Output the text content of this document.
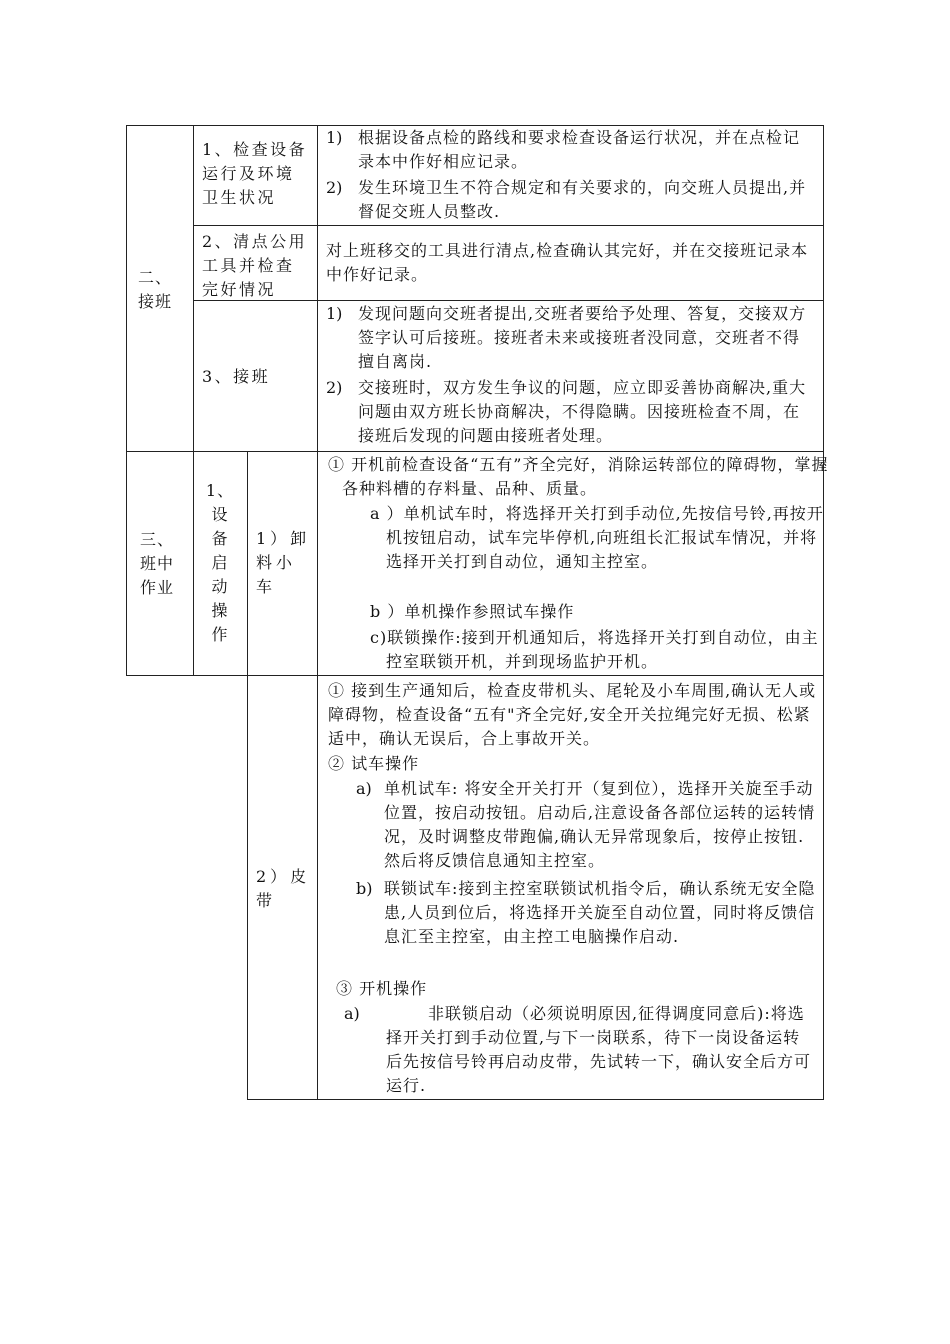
二、
接班
1、检查设备运行及环境卫生状况
1) 根据设备点检的路线和要求检查设备运行状况，并在点检记录本中作好相应记录。
2) 发生环境卫生不符合规定和有关要求的，向交班人员提出,并督促交班人员整改.
2、清点公用工具并检查完好情况
对上班移交的工具进行清点,检查确认其完好，并在交接班记录本中作好记录。
3、接班
1) 发现问题向交班者提出,交班者要给予处理、答复，交接双方签字认可后接班。接班者未来或接班者没同意，交班者不得擅自离岗.
2) 交接班时，双方发生争议的问题，应立即妥善协商解决,重大问题由双方班长协商解决，不得隐瞒。因接班检查不周，在接班后发现的问题由接班者处理。
三、
班中
作业
1、
设
备
启
动
操
作
1）卸料小车
① 开机前检查设备“五有”齐全完好，消除运转部位的障碍物，掌握各种料槽的存料量、品种、质量。
a ）单机试车时，将选择开关打到手动位,先按信号铃,再按开机按钮启动，试车完毕停机,向班组长汇报试车情况，并将选择开关打到自动位，通知主控室。
b ）单机操作参照试车操作
c)联锁操作:接到开机通知后，将选择开关打到自动位，由主控室联锁开机，并到现场监护开机。
2）皮带
① 接到生产通知后，检查皮带机头、尾轮及小车周围,确认无人或障碍物，检查设备“五有"齐全完好,安全开关拉绳完好无损、松紧适中，确认无误后，合上事故开关。
② 试车操作
a) 单机试车: 将安全开关打开（复到位），选择开关旋至手动位置，按启动按钮。启动后,注意设备各部位运转的运转情况，及时调整皮带跑偏,确认无异常现象后，按停止按钮.然后将反馈信息通知主控室。
b) 联锁试车:接到主控室联锁试机指令后，确认系统无安全隐患,人员到位后，将选择开关旋至自动位置，同时将反馈信息汇至主控室，由主控工电脑操作启动.
③ 开机操作
a)	非联锁启动（必须说明原因,征得调度同意后):将选择开关打到手动位置,与下一岗联系，待下一岗设备运转后先按信号铃再启动皮带，先试转一下，确认安全后方可运行.
